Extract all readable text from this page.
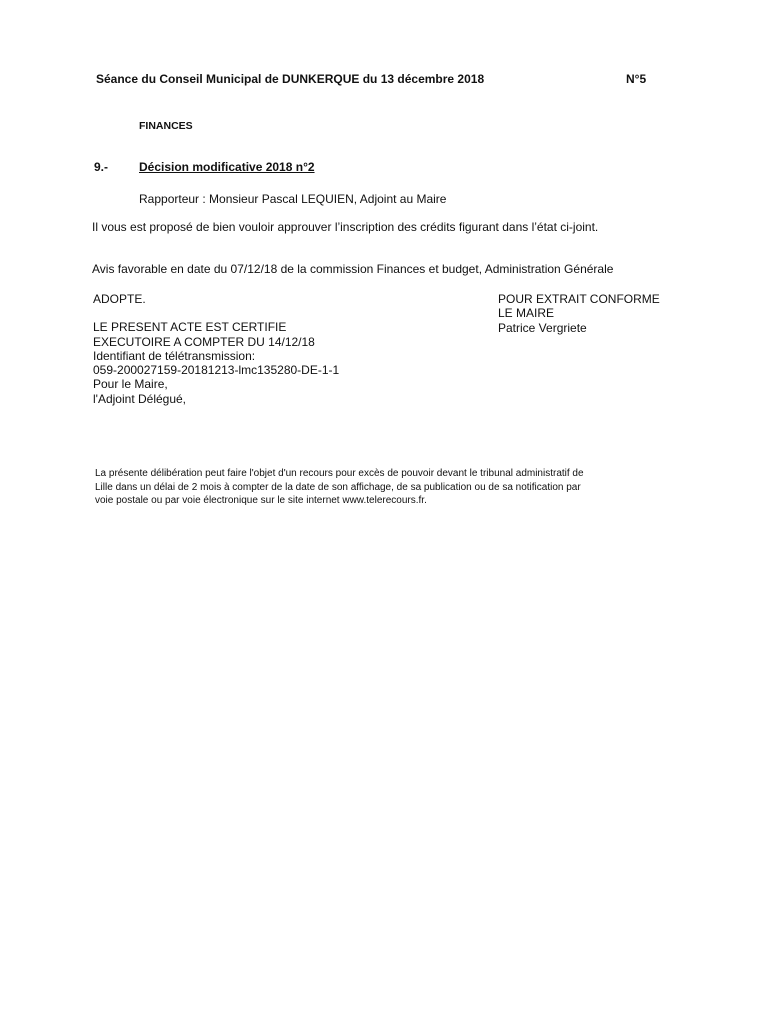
Séance du Conseil Municipal de DUNKERQUE du 13 décembre 2018	N°5
FINANCES
9.-	Décision modificative 2018 n°2
Rapporteur : Monsieur Pascal LEQUIEN, Adjoint au Maire
Il vous est proposé de bien vouloir approuver l’inscription des crédits figurant dans l’état ci-joint.
Avis favorable en date du 07/12/18 de la commission Finances et budget, Administration Générale
ADOPTE.
LE PRESENT ACTE EST CERTIFIE
EXECUTOIRE A COMPTER DU 14/12/18
Identifiant de télétransmission:
059-200027159-20181213-lmc135280-DE-1-1
Pour le Maire,
l'Adjoint Délégué,
POUR EXTRAIT CONFORME
LE MAIRE
Patrice Vergriete
La présente délibération peut faire l'objet d'un recours pour excès de pouvoir devant le tribunal administratif de
Lille dans un délai de 2 mois à compter de la date de son affichage, de sa publication ou de sa notification par
voie postale ou par voie électronique sur le site internet www.telerecours.fr.
